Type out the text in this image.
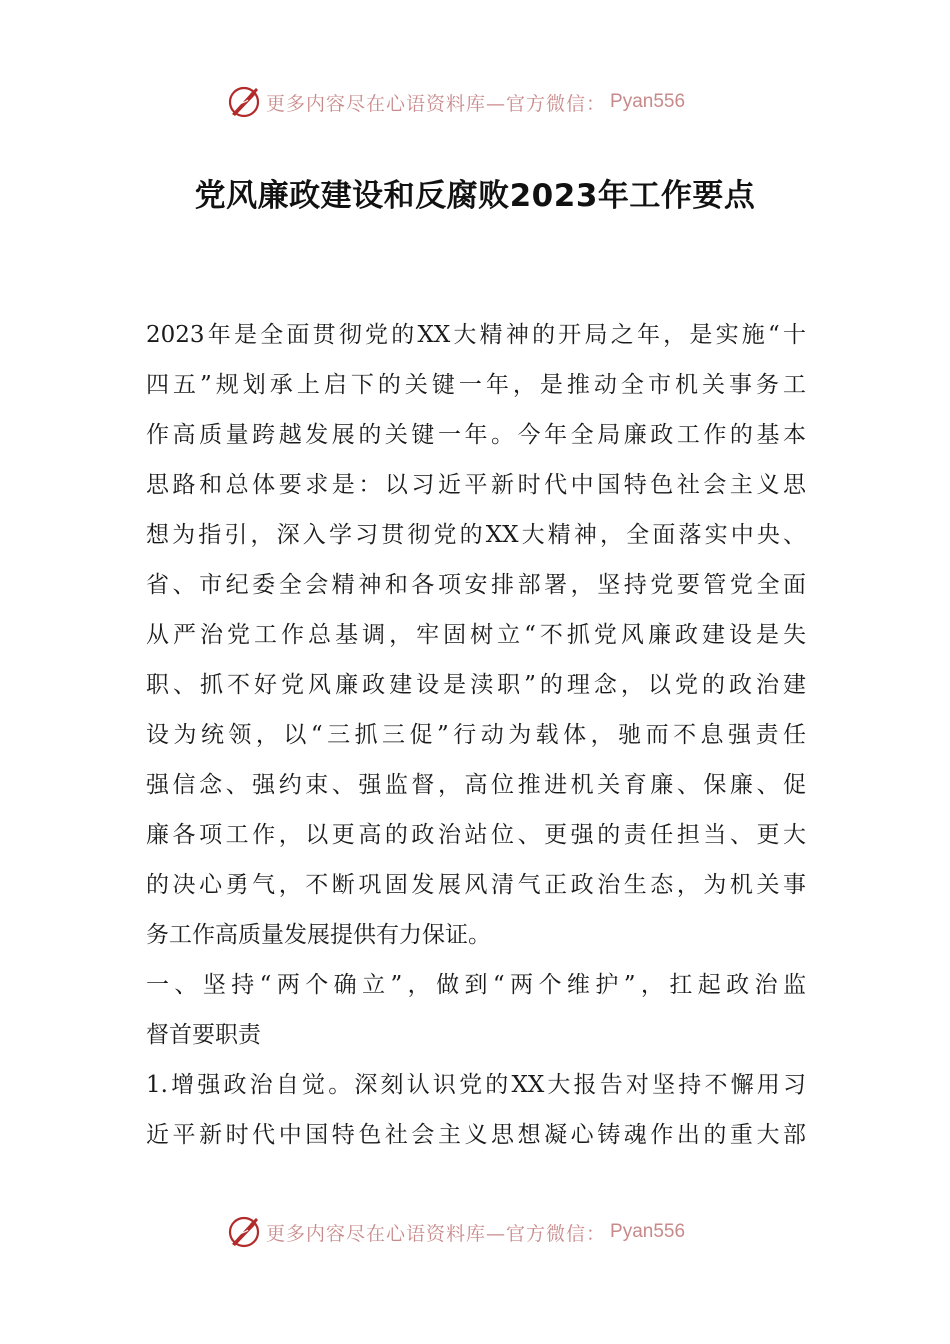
更多内容尽在心语资料库—官方微信： Pyan556
党风廉政建设和反腐败2023年工作要点
2023年是全面贯彻党的XX大精神的开局之年，是实施“十
四五”规划承上启下的关键一年，是推动全市机关事务工
作高质量跨越发展的关键一年。今年全局廉政工作的基本
思路和总体要求是：以习近平新时代中国特色社会主义思
想为指引，深入学习贯彻党的XX大精神，全面落实中央、
省、市纪委全会精神和各项安排部署，坚持党要管党全面
从严治党工作总基调，牢固树立“不抓党风廉政建设是失
职、抓不好党风廉政建设是渎职”的理念，以党的政治建
设为统领，以“三抓三促”行动为载体，驰而不息强责任
强信念、强约束、强监督，高位推进机关育廉、保廉、促
廉各项工作，以更高的政治站位、更强的责任担当、更大
的决心勇气，不断巩固发展风清气正政治生态，为机关事
务工作高质量发展提供有力保证。
一、坚持“两个确立”，做到“两个维护”，扛起政治监
督首要职责
1.增强政治自觉。深刻认识党的XX大报告对坚持不懈用习
近平新时代中国特色社会主义思想凝心铸魂作出的重大部
更多内容尽在心语资料库—官方微信： Pyan556
